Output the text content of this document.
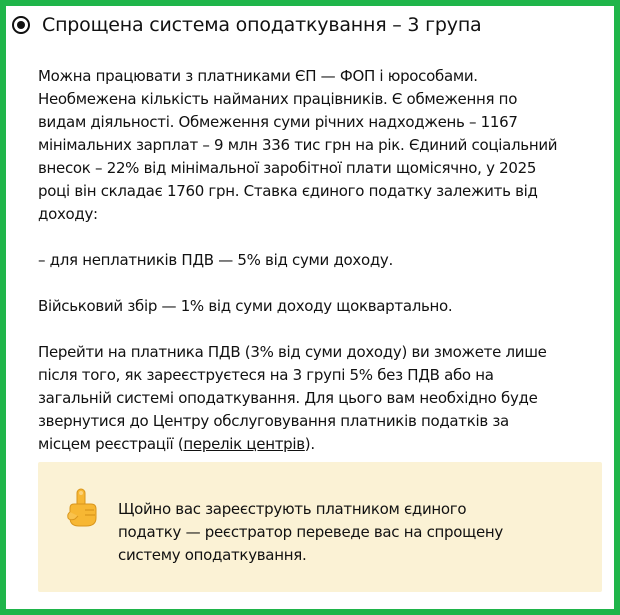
Спрощена система оподаткування – 3 група

Можна працювати з платниками ЄП — ФОП і юрособами.

Необмежена кількість найманих працівників. Є обмеження по

видам діяльності. Обмеження суми річних надходжень – 1167

мінімальних зарплат – 9 млн 336 тис грн на рік. Єдиний соціальний

внесок – 22% від мінімальної заробітної плати щомісячно, у 2025

році він складає 1760 грн. Ставка єдиного податку залежить від

доходу:

– для неплатників ПДВ — 5% від суми доходу.

Військовий збір — 1% від суми доходу щоквартально.

Перейти на платника ПДВ (3% від суми доходу) ви зможете лише

після того, як зареєструєтеся на 3 групі 5% без ПДВ або на

загальній системі оподаткування. Для цього вам необхідно буде

звернутися до Центру обслуговування платників податків за

місцем реєстрації (перелік центрів).

Щойно вас зареєструють платником єдиного
податку — реєстратор переведе вас на спрощену
систему оподаткування.
